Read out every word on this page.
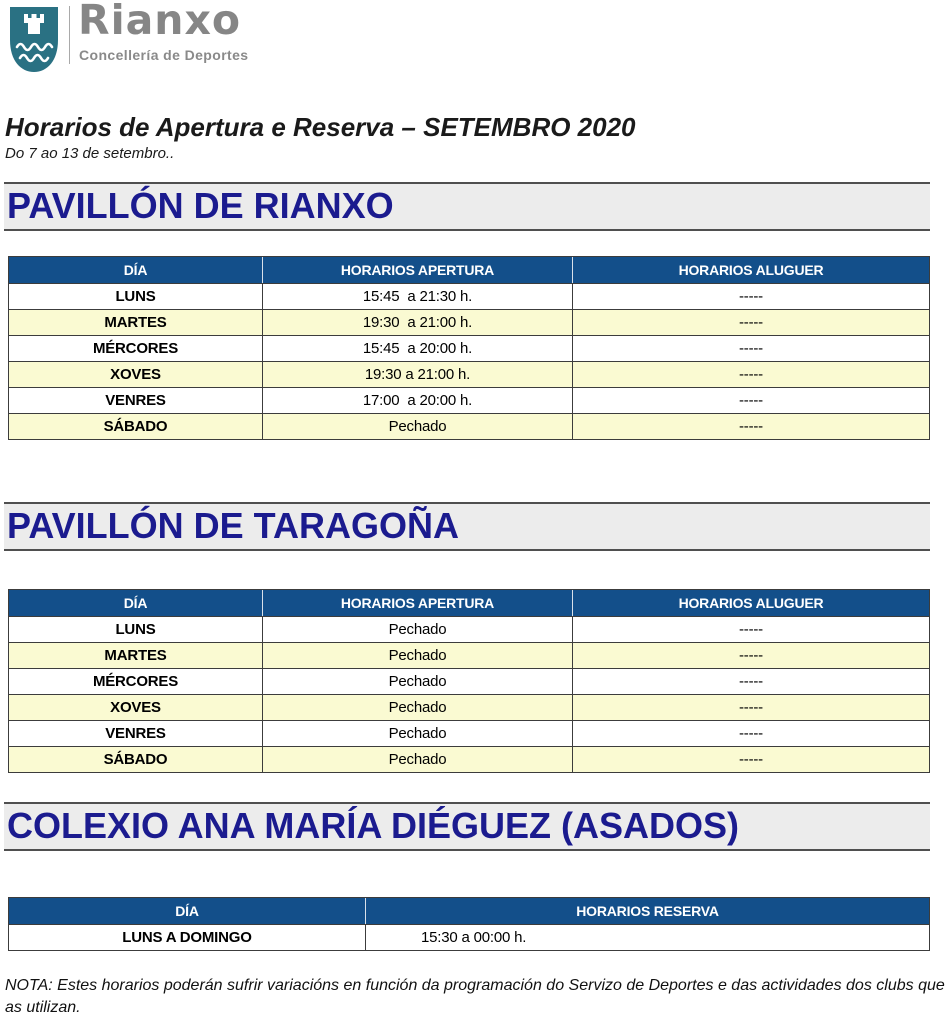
Rianxo
Concellería de Deportes
Horarios de Apertura e Reserva – SETEMBRO 2020
Do 7 ao 13 de setembro..
PAVILLÓN DE RIANXO
DÍA	HORARIOS APERTURA	HORARIOS ALUGUER
LUNS	15:45  a 21:30 h.	-----
MARTES	19:30  a 21:00 h.	-----
MÉRCORES	15:45  a 20:00 h.	-----
XOVES	19:30 a 21:00 h.	-----
VENRES	17:00  a 20:00 h.	-----
SÁBADO	Pechado	-----
PAVILLÓN DE TARAGOÑA
DÍA	HORARIOS APERTURA	HORARIOS ALUGUER
LUNS	Pechado	-----
MARTES	Pechado	-----
MÉRCORES	Pechado	-----
XOVES	Pechado	-----
VENRES	Pechado	-----
SÁBADO	Pechado	-----
COLEXIO ANA MARÍA DIÉGUEZ (ASADOS)
DÍA	HORARIOS RESERVA
LUNS A DOMINGO	15:30 a 00:00 h.
NOTA: Estes horarios poderán sufrir variacións en función da programación do Servizo de Deportes e das actividades dos clubs que as utilizan.
